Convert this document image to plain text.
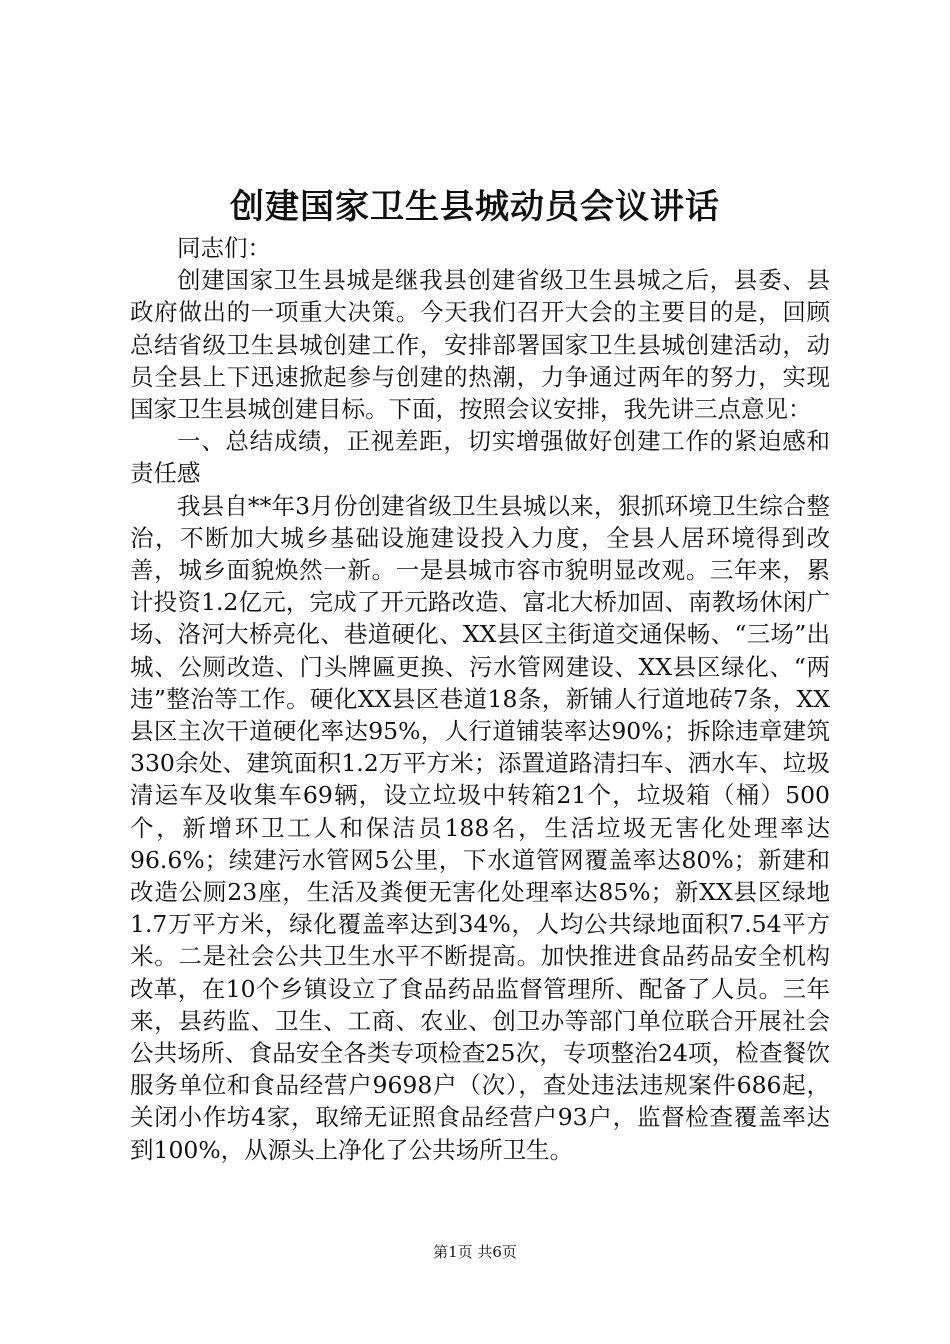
创建国家卫生县城动员会议讲话

同志们：

创建国家卫生县城是继我县创建省级卫生县城之后，县委、县政府做出的一项重大决策。今天我们召开大会的主要目的是，回顾总结省级卫生县城创建工作，安排部署国家卫生县城创建活动，动员全县上下迅速掀起参与创建的热潮，力争通过两年的努力，实现国家卫生县城创建目标。下面，按照会议安排，我先讲三点意见：

一、总结成绩，正视差距，切实增强做好创建工作的紧迫感和责任感

我县自**年3月份创建省级卫生县城以来，狠抓环境卫生综合整治，不断加大城乡基础设施建设投入力度，全县人居环境得到改善，城乡面貌焕然一新。一是县城市容市貌明显改观。三年来，累计投资1.2亿元，完成了开元路改造、富北大桥加固、南教场休闲广场、洛河大桥亮化、巷道硬化、XX县区主街道交通保畅、“三场”出城、公厕改造、门头牌匾更换、污水管网建设、XX县区绿化、“两违”整治等工作。硬化XX县区巷道18条，新铺人行道地砖7条，XX县区主次干道硬化率达95%，人行道铺装率达90%；拆除违章建筑330余处、建筑面积1.2万平方米；添置道路清扫车、洒水车、垃圾清运车及收集车69辆，设立垃圾中转箱21个，垃圾箱（桶）500个，新增环卫工人和保洁员188名，生活垃圾无害化处理率达96.6%；续建污水管网5公里，下水道管网覆盖率达80%；新建和改造公厕23座，生活及粪便无害化处理率达85%；新XX县区绿地1.7万平方米，绿化覆盖率达到34%，人均公共绿地面积7.54平方米。二是社会公共卫生水平不断提高。加快推进食品药品安全机构改革，在10个乡镇设立了食品药品监督管理所、配备了人员。三年来，县药监、卫生、工商、农业、创卫办等部门单位联合开展社会公共场所、食品安全各类专项检查25次，专项整治24项，检查餐饮服务单位和食品经营户9698户（次），查处违法违规案件686起，关闭小作坊4家，取缔无证照食品经营户93户，监督检查覆盖率达到100%，从源头上净化了公共场所卫生。

第1页 共6页
